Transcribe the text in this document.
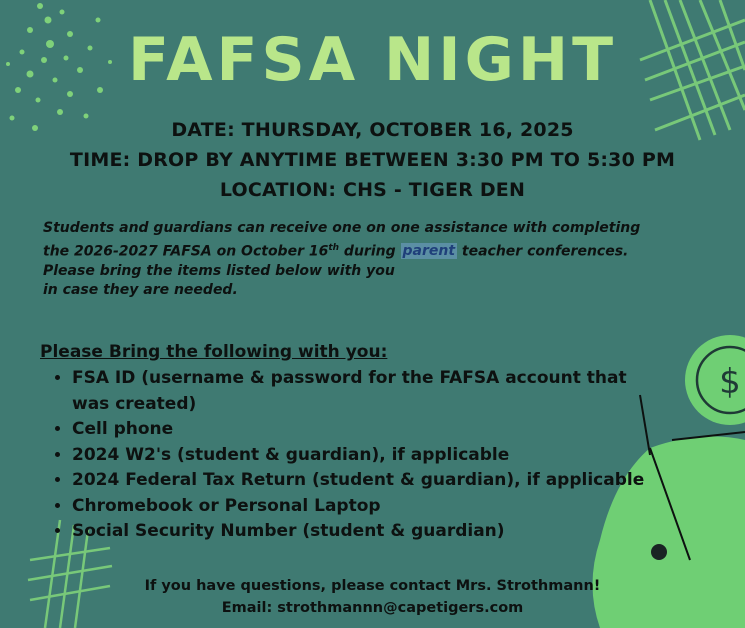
$
FAFSA NIGHT
DATE: THURSDAY, OCTOBER 16, 2025
TIME: DROP BY ANYTIME BETWEEN 3:30 PM TO 5:30 PM
LOCATION: CHS - TIGER DEN

Students and guardians can receive one on one assistance with completing

the 2026-2027 FAFSA on October 16th during parent teacher conferences.

Please bring the items listed below with you

in case they are needed.

Please Bring the following with you:

• FSA ID (username & password for the FAFSA account that was created)
• Cell phone
• 2024 W2's (student & guardian), if applicable
• 2024 Federal Tax Return (student & guardian), if applicable
• Chromebook or Personal Laptop
• Social Security Number (student & guardian)
If you have questions, please contact Mrs. Strothmann!
Email: strothmannn@capetigers.com
